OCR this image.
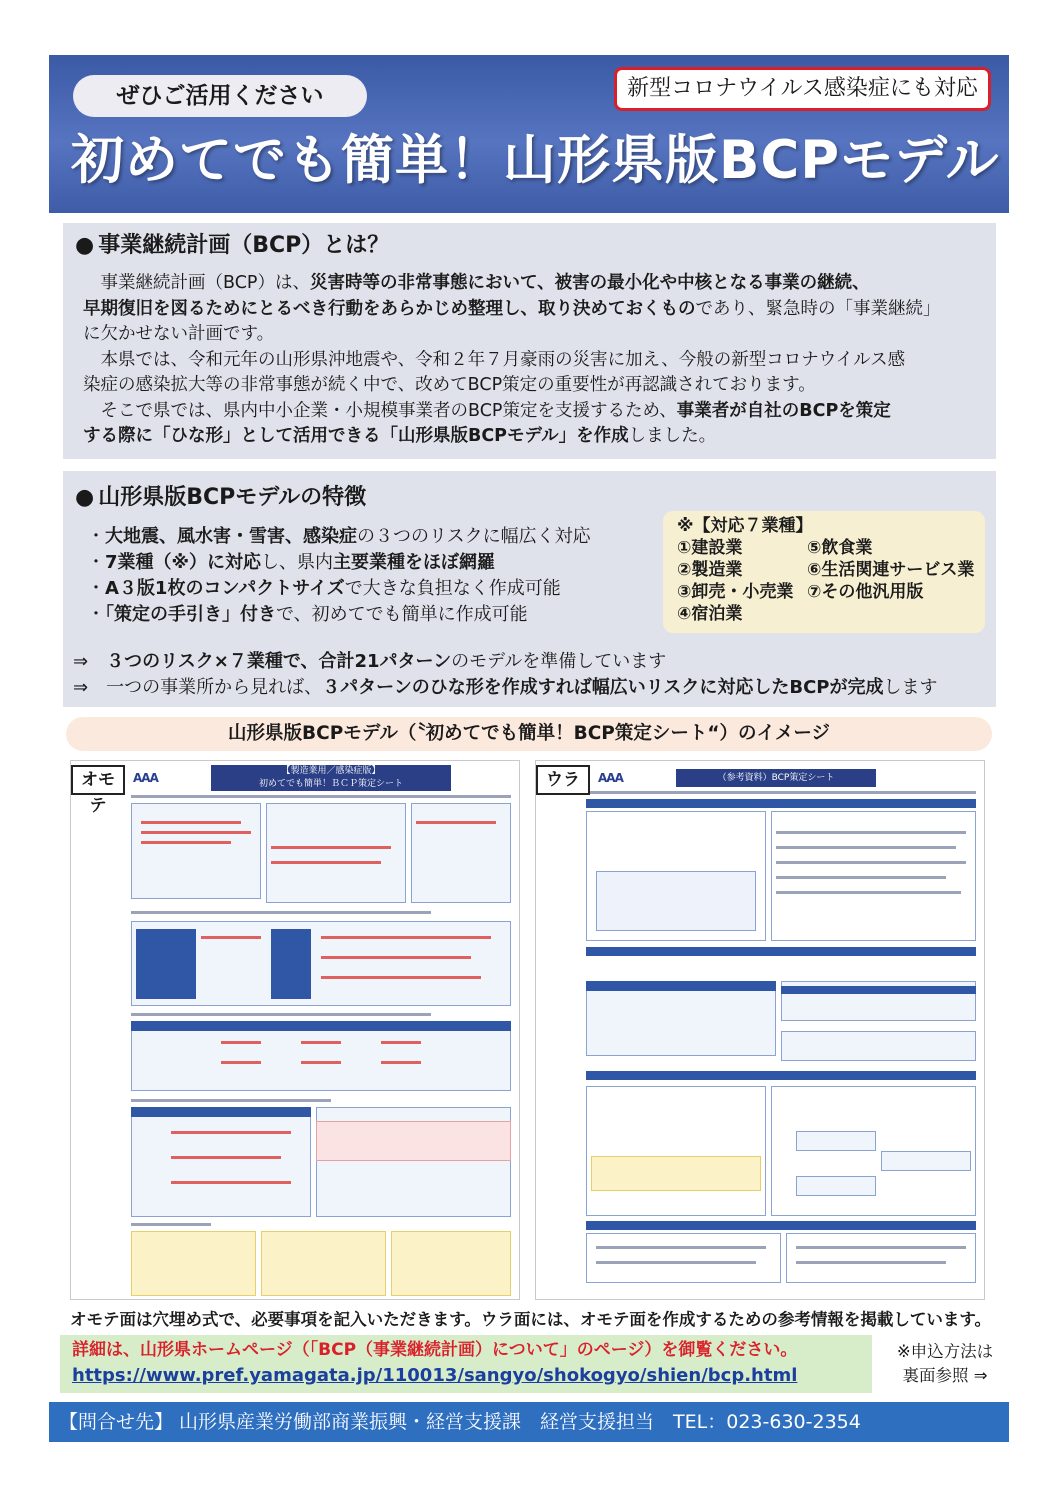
ぜひご活用ください	新型コロナウイルス感染症にも対応
初めてでも簡単！山形県版BCPモデル
● 事業継続計画（BCP）とは？

　事業継続計画（BCP）は、災害時等の非常事態において、被害の最小化や中核となる事業の継続、

早期復旧を図るためにとるべき行動をあらかじめ整理し、取り決めておくものであり、緊急時の「事業継続」

に欠かせない計画です。

　本県では、令和元年の山形県沖地震や、令和２年７月豪雨の災害に加え、今般の新型コロナウイルス感

染症の感染拡大等の非常事態が続く中で、改めてBCP策定の重要性が再認識されております。

　そこで県では、県内中小企業・小規模事業者のBCP策定を支援するため、事業者が自社のBCPを策定

する際に「ひな形」として活用できる「山形県版BCPモデル」を作成しました。

● 山形県版BCPモデルの特徴

・大地震、風水害・雪害、感染症の３つのリスクに幅広く対応

・7業種（※）に対応し、県内主要業種をほぼ網羅

・A３版1枚のコンパクトサイズで大きな負担なく作成可能

・「策定の手引き」付きで、初めてでも簡単に作成可能

※【対応７業種】
①建設業	⑤飲食業
②製造業	⑥生活関連サービス業
③卸売・小売業 ⑦その他汎用版
④宿泊業

⇒　 ３つのリスク×７業種で、合計21パターンのモデルを準備しています

⇒　一つの事業所から見れば、３パターンのひな形を作成すれば幅広いリスクに対応したBCPが完成します

山形県版BCPモデル（〝初めてでも簡単！BCP策定シート“）のイメージ
オモテ
AAA	【製造業用／感染症版】
初めてでも簡単！ＢＣＰ策定シート	ウラ	AAA	（参考資料）BCP策定シート
オモテ面は穴埋め式で、必要事項を記入いただきます。ウラ面には、オモテ面を作成するための参考情報を掲載しています。
詳細は、山形県ホームページ（「BCP（事業継続計画）について」のページ）を御覧ください。
https://www.pref.yamagata.jp/110013/sangyo/shokogyo/shien/bcp.html

※申込方法は

裏面参照 ⇒

【問合せ先】 山形県産業労働部商業振興・経営支援課　経営支援担当　TEL：023-630-2354
